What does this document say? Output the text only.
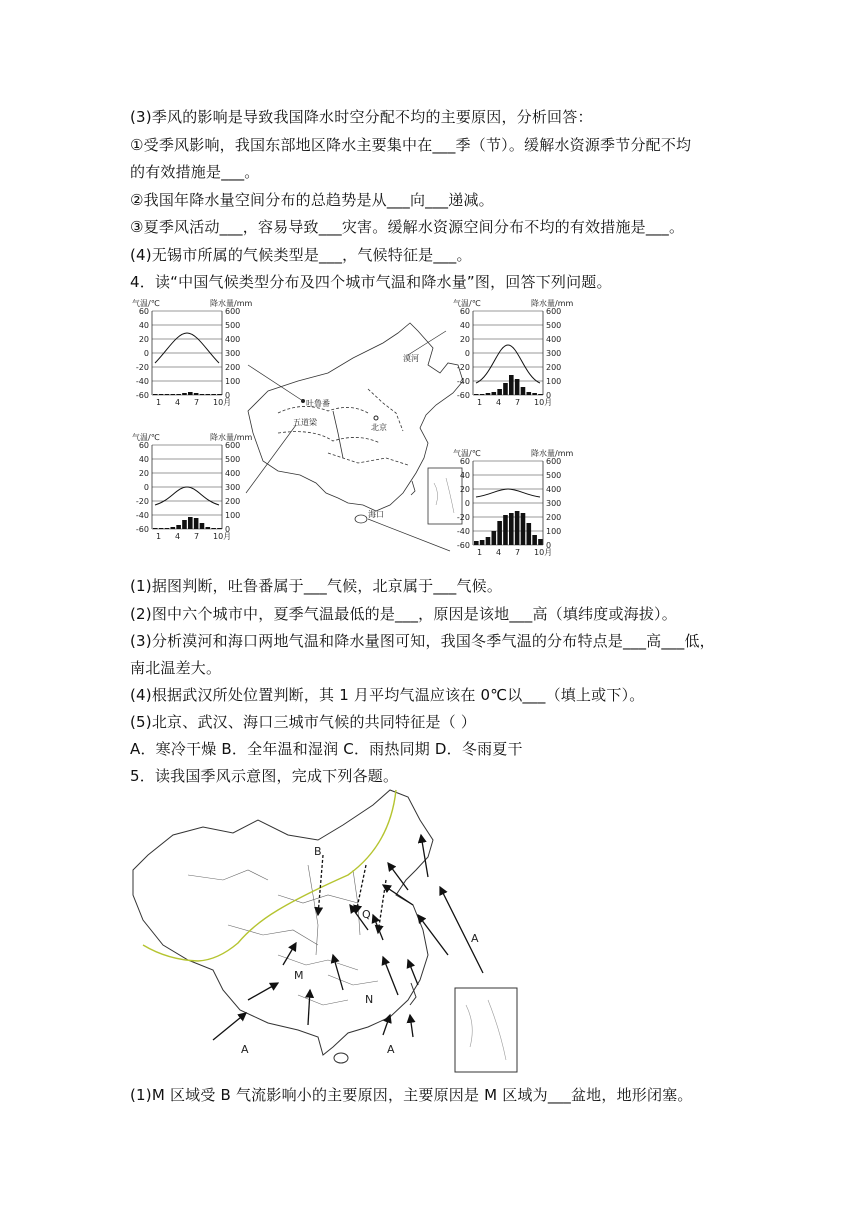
(3)季风的影响是导致我国降水时空分配不均的主要原因，分析回答：
①受季风影响，我国东部地区降水主要集中在___季（节）。缓解水资源季节分配不均
的有效措施是___。
②我国年降水量空间分布的总趋势是从___向___递减。
③夏季风活动___，容易导致___灾害。缓解水资源空间分布不均的有效措施是___。
(4)无锡市所属的气候类型是___，气候特征是___。
4．读“中国气候类型分布及四个城市气温和降水量”图，回答下列问题。
吐鲁番
五道梁
北京
漠河
海口
气温/℃	降水量/mm
60	600
40	500
20	400
0	300
-20	200
-40	100
-60	0
1 4 7 10月
气温/℃	降水量/mm
60	600
40	500
20	400
0	300
-20	200
-40	100
-60	0
1 4 7 10月
气温/℃	降水量/mm
60	600
40	500
20	400
0	300
-20	200
-40	100
-60	0
1 4 7 10月
气温/℃	降水量/mm
60	600
40	500
20	400
0	300
-20	200
-40	100
-60	0
1 4 7 10月
(1)据图判断，吐鲁番属于___气候，北京属于___气候。
(2)图中六个城市中，夏季气温最低的是___，原因是该地___高（填纬度或海拔）。
(3)分析漠河和海口两地气温和降水量图可知，我国冬季气温的分布特点是___高___低，
南北温差大。
(4)根据武汉所处位置判断，其 1 月平均气温应该在 0℃以___（填上或下）。
(5)北京、武汉、海口三城市气候的共同特征是（ ）
A．寒冷干燥 B．全年温和湿润 C．雨热同期 D．冬雨夏干
5．读我国季风示意图，完成下列各题。
B
A
A	A
M
N
Q
(1)M 区域受 B 气流影响小的主要原因，主要原因是 M 区域为___盆地，地形闭塞。
